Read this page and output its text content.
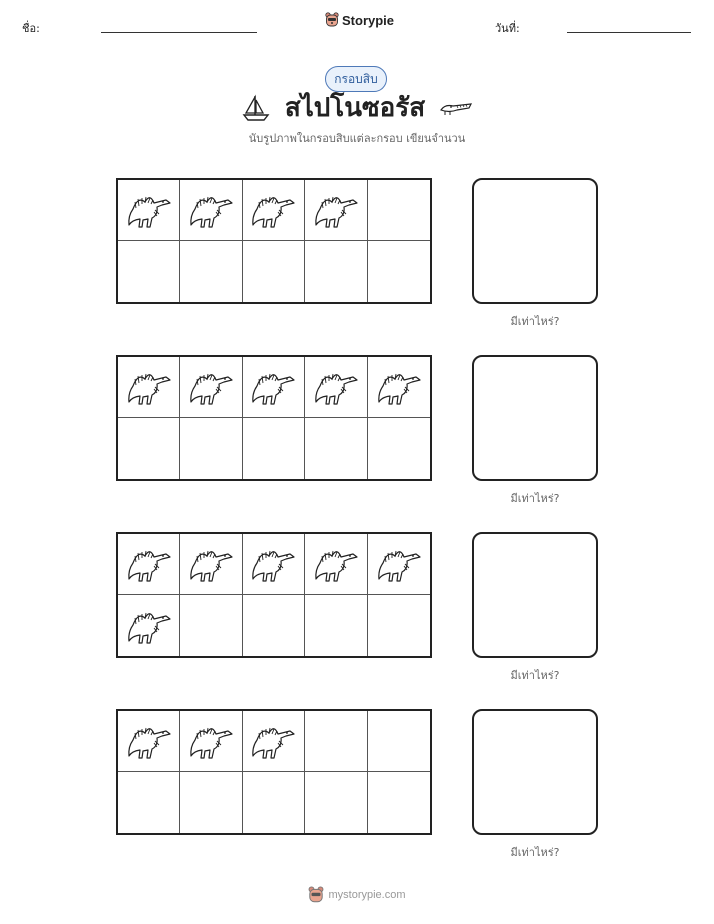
ชื่อ:
Storypie
วันที่:
กรอบสิบ
สไปโนซอรัส
นับรูปภาพในกรอบสิบแต่ละกรอบ เขียนจำนวน
มีเท่าไหร่?
มีเท่าไหร่?
มีเท่าไหร่?
มีเท่าไหร่?
mystorypie.com
